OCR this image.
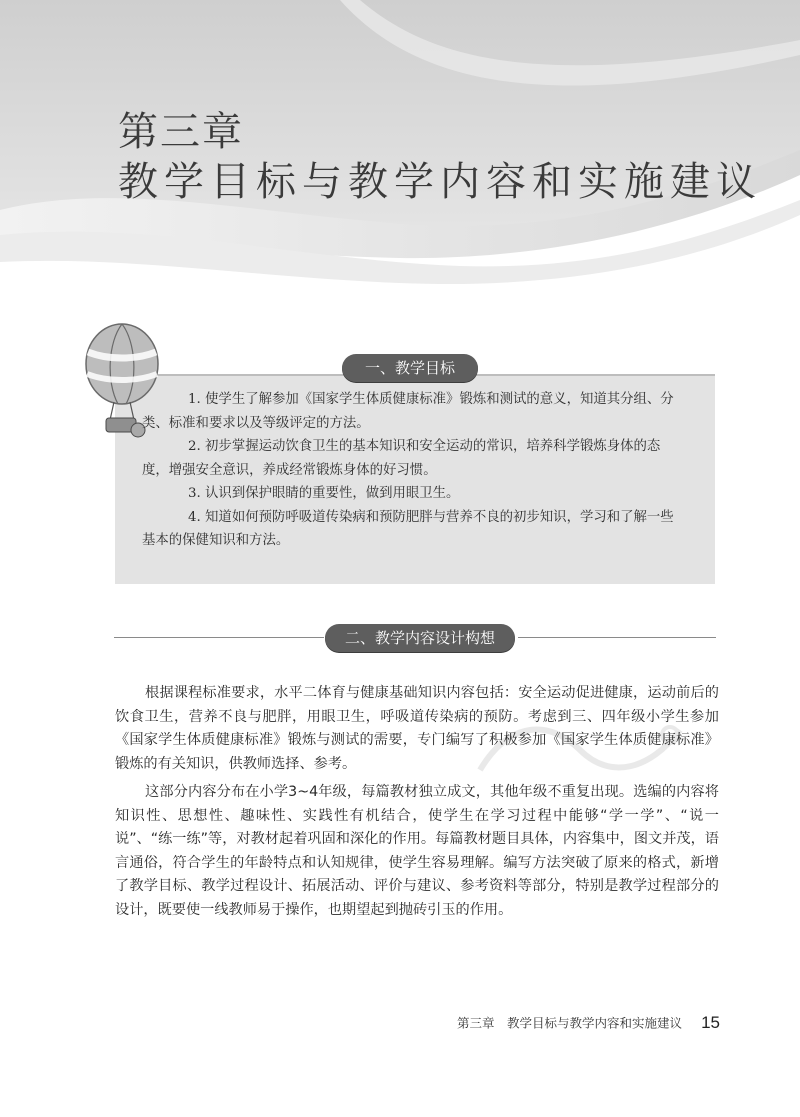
第三章
教学目标与教学内容和实施建议
一、教学目标

1. 使学生了解参加《国家学生体质健康标准》锻炼和测试的意义，知道其分组、分类、标准和要求以及等级评定的方法。

2. 初步掌握运动饮食卫生的基本知识和安全运动的常识，培养科学锻炼身体的态度，增强安全意识，养成经常锻炼身体的好习惯。

3. 认识到保护眼睛的重要性，做到用眼卫生。

4. 知道如何预防呼吸道传染病和预防肥胖与营养不良的初步知识，学习和了解一些基本的保健知识和方法。

二、教学内容设计构想

根据课程标准要求，水平二体育与健康基础知识内容包括：安全运动促进健康，运动前后的饮食卫生，营养不良与肥胖，用眼卫生，呼吸道传染病的预防。考虑到三、四年级小学生参加《国家学生体质健康标准》锻炼与测试的需要，专门编写了积极参加《国家学生体质健康标准》锻炼的有关知识，供教师选择、参考。

这部分内容分布在小学3~4年级，每篇教材独立成文，其他年级不重复出现。选编的内容将知识性、思想性、趣味性、实践性有机结合，使学生在学习过程中能够“学一学”、“说一说”、“练一练”等，对教材起着巩固和深化的作用。每篇教材题目具体，内容集中，图文并茂，语言通俗，符合学生的年龄特点和认知规律，使学生容易理解。编写方法突破了原来的格式，新增了教学目标、教学过程设计、拓展活动、评价与建议、参考资料等部分，特别是教学过程部分的设计，既要使一线教师易于操作，也期望起到抛砖引玉的作用。

第三章　教学目标与教学内容和实施建议 15
